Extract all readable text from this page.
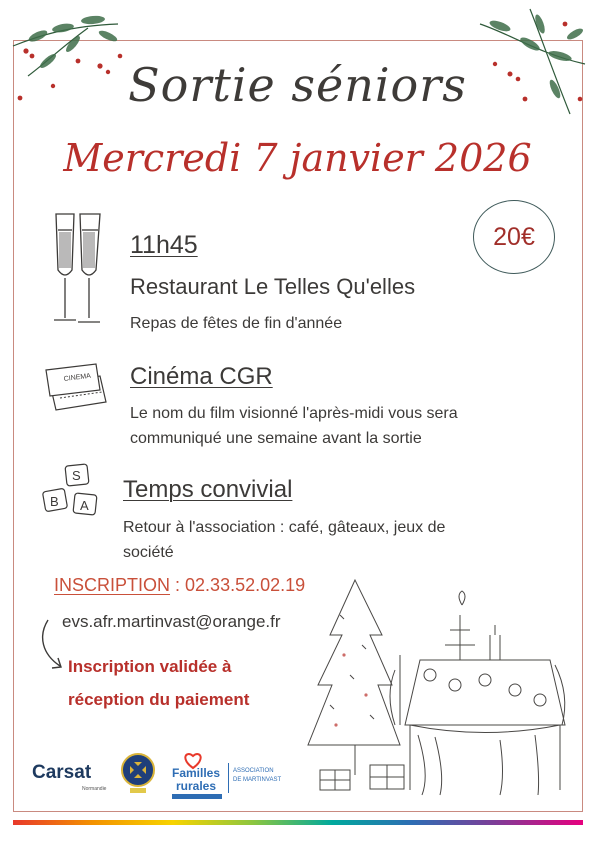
Sortie séniors
Mercredi 7 janvier 2026
20€
11h45
Restaurant Le Telles Qu'elles
Repas de fêtes de fin d'année
CINEMA Cinéma CGR
Le nom du film visionné l'après-midi vous sera
communiqué une semaine avant la sortie
S
B A
Temps convivial
Retour à l'association : café, gâteaux, jeux de
société
INSCRIPTION : 02.33.52.02.19
evs.afr.martinvast@orange.fr
Inscription validée à
réception du paiement
Carsat
Normandie
Familles
rurales
ASSOCIATION
DE MARTINVAST
